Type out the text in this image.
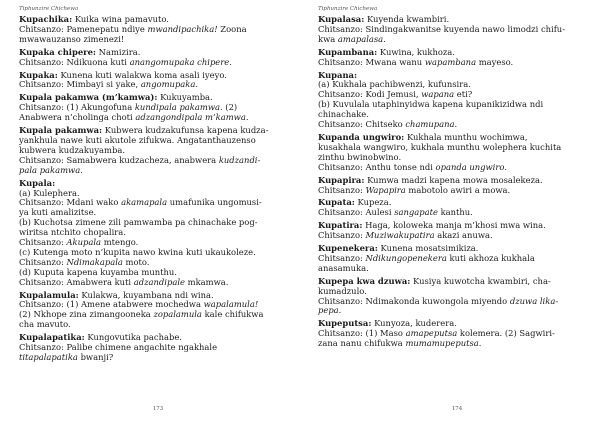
Tiphunzire Chichewa
Kupachika: Kuika wina pamavuto.
Chitsanzo: Pamenepatu ndiye mwandipachika! Zoona
mwawauzanso zimenezi!
Kupaka chipere: Namizira.
Chitsanzo: Ndikuona kuti anangomupaka chipere.
Kupaka: Kunena kuti walakwa koma asali iyeyo.
Chitsanzo: Mimbayi si yake, angomupaka.
Kupala pakamwa (m’kamwa): Kukuyamba.
Chitsanzo: (1) Akungofuna kundipala pakamwa. (2)
Anabwera n’cholinga choti adzangondipala m’kamwa.
Kupala pakamwa: Kubwera kudzakufunsa kapena kudza-
yankhula nawe kuti akutole zifukwa. Angatanthauzenso
kubwera kudzakuyamba.
Chitsanzo: Samabwera kudzacheza, anabwera kudzandi-
pala pakamwa.
Kupala:
(a) Kulephera.
Chitsanzo: Mdani wako akamapala umafunika ungomusi-
ya kuti amalizitse.
(b) Kuchotsa zimene zili pamwamba pa chinachake pog-
wiritsa ntchito chopalira.
Chitsanzo: Akupala mtengo.
(c) Kutenga moto n’kupita nawo kwina kuti ukaukoleze.
Chitsanzo: Ndimakapala moto.
(d) Kuputa kapena kuyamba munthu.
Chitsanzo: Amabwera kuti adzandipale mkamwa.
Kupalamula: Kulakwa, kuyambana ndi wina.
Chitsanzo: (1) Amene atabwere mochedwa wapalamula!
(2) Nkhope zina zimangooneka zopalamula kale chifukwa
cha mavuto.
Kupalapatika: Kungovutika pachabe.
Chitsanzo: Palibe chimene angachite ngakhale
titapalapatika bwanji?
173
Tiphunzire Chichewa
Kupalasa: Kuyenda kwambiri.
Chitsanzo: Sindingakwanitse kuyenda nawo limodzi chifu-
kwa amapalasa.
Kupambana: Kuwina, kukhoza.
Chitsanzo: Mwana wanu wapambana mayeso.
Kupana:
(a) Kukhala pachibwenzi, kufunsira.
Chitsanzo: Kodi Jemusi, wapana eti?
(b) Kuvulala utaphinyidwa kapena kupanikizidwa ndi
chinachake.
Chitsanzo: Chitseko chamupana.
Kupanda ungwiro: Kukhala munthu wochimwa,
kusakhala wangwiro, kukhala munthu wolephera kuchita
zinthu bwinobwino.
Chitsanzo: Anthu tonse ndi opanda ungwiro.
Kupapira: Kumwa madzi kapena mowa mosalekeza.
Chitsanzo: Wapapira mabotolo awiri a mowa.
Kupata: Kupeza.
Chitsanzo: Aulesi sangapate kanthu.
Kupatira: Haga, koloweka manja m’khosi mwa wina.
Chitsanzo: Muziwakupatira akazi anuwa.
Kupenekera: Kunena mosatsimikiza.
Chitsanzo: Ndikungopenekera kuti akhoza kukhala
anasamuka.
Kupepa kwa dzuwa: Kusiya kuwotcha kwambiri, cha-
kumadzulo.
Chitsanzo: Ndimakonda kuwongola miyendo dzuwa lika-
pepa.
Kupeputsa: Kunyoza, kuderera.
Chitsanzo: (1) Maso amapeputsa kolemera. (2) Sagwiri-
zana nanu chifukwa mumamupeputsa.
174
